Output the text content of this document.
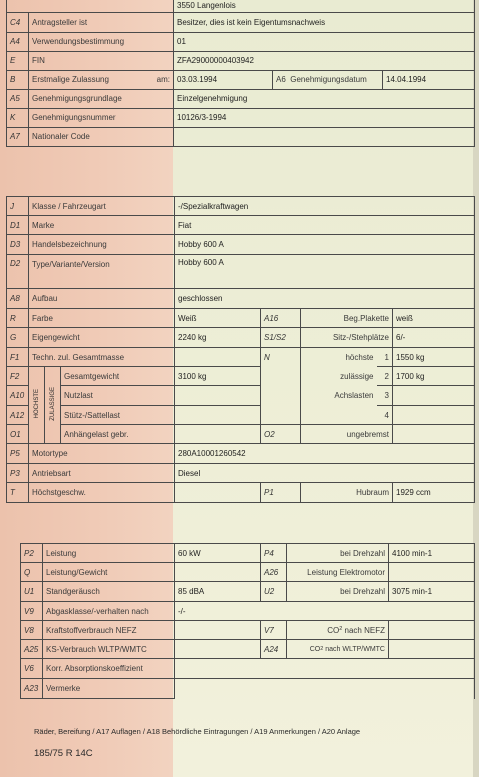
		3550 Langenlois		
C4	Antragsteller ist	Besitzer, dies ist kein Eigentumsnachweis		
A4	Verwendungsbestimmung	01		
E	FIN	ZFA29000000403942		
B	Erstmalige Zulassung am:	03.03.1994	A6 Genehmigungsdatum	14.04.1994
A5	Genehmigungsgrundlage	Einzelgenehmigung		
K	Genehmigungsnummer	10126/3-1994		
A7	Nationaler Code			
J	Klasse / Fahrzeugart			-/Spezialkraftwagen				
D1	Marke			Fiat				
D3	Handelsbezeichnung			Hobby 600 A				
D2	Type/Variante/Version			Hobby 600 A				
A8	Aufbau			geschlossen				
R	Farbe			Weiß	A16	Beg.Plakette		weiß
G	Eigengewicht			2240 kg	S1/S2	Sitz-/Stehplätze		6/-
F1	Techn. zul. Gesamtmasse				N	höchste	1	1550 kg
F2	HÖCHSTE	ZULÄSSIGE	Gesamtgewicht	3100 kg		zulässige	2	1700 kg
A10			Nutzlast			Achslasten	3	
A12			Stütz-/Sattellast				4	
O1			Anhängelast gebr.		O2	ungebremst		
P5	Motortype			280A10001260542				
P3	Antriebsart			Diesel				
T	Höchstgeschw.				P1	Hubraum		1929 ccm
P2	Leistung	60 kW	P4	bei Drehzahl	4100 min-1
Q	Leistung/Gewicht		A26	Leistung Elektromotor	
U1	Standgeräusch	85 dBA	U2	bei Drehzahl	3075 min-1
V9	Abgasklasse/-verhalten nach	-/-			
V8	Kraftstoffverbrauch NEFZ		V7	$CO_2$ nach NEFZ	
A25	KS-Verbrauch WLTP/WMTC		A24	$CO_2$ nach WLTP/WMTC	
V6	Korr. Absorptionskoeffizient				
A23	Vermerke				
Räder, Bereifung / A17 Auflagen / A18 Behördliche Eintragungen / A19 Anmerkungen / A20 Anlage
185/75 R 14C
